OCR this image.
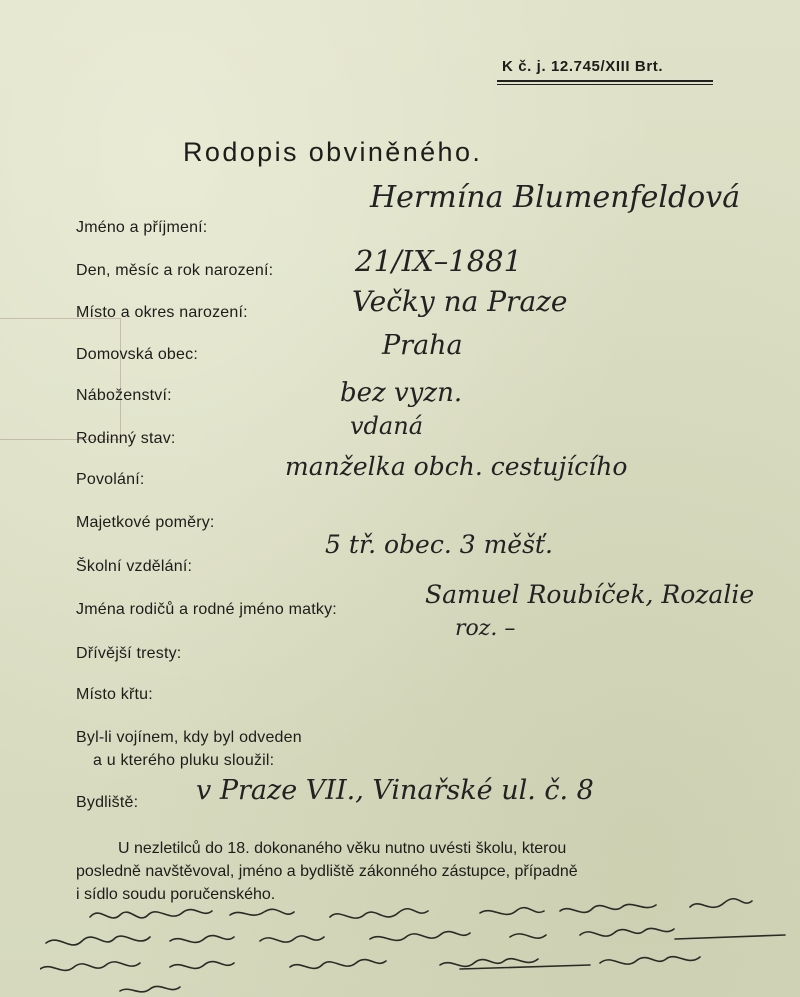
K č. j. 12.745/XIII Brt.
Rodopis obviněného.
Jméno a příjmení:
Den, měsíc a rok narození:
Místo a okres narození:
Domovská obec:
Náboženství:
Rodinný stav:
Povolání:
Majetkové poměry:
Školní vzdělání:
Jména rodičů a rodné jméno matky:
Dřívější tresty:
Místo křtu:
Byl-li vojínem, kdy byl odveden
a u kterého pluku sloužil:
Bydliště:
Hermína Blumenfeldová
21/IX–1881
Večky na Praze
Praha
bez vyzn.
vdaná
manželka obch. cestujícího
5 tř. obec. 3 měšť.
Samuel Roubíček, Rozalie
roz. –
v Praze VII., Vinařské ul. č. 8

U nezletilců do 18. dokonaného věku nutno uvésti školu, kterou

posledně navštěvoval, jméno a bydliště zákonného zástupce, případně

i sídlo soudu poručenského.
